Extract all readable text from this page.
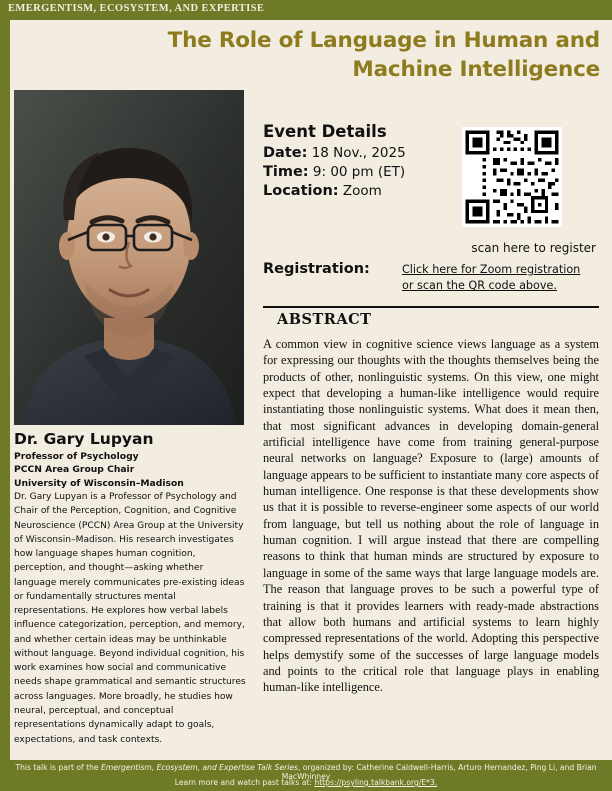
EMERGENTISM, ECOSYSTEM, AND EXPERTISE
The Role of Language in Human and Machine Intelligence
Dr. Gary Lupyan
Professor of Psychology
PCCN Area Group Chair
University of Wisconsin–Madison
Dr. Gary Lupyan is a Professor of Psychology and Chair of the Perception, Cognition, and Cognitive Neuroscience (PCCN) Area Group at the University of Wisconsin–Madison. His research investigates how language shapes human cognition, perception, and thought—asking whether language merely communicates pre-existing ideas or fundamentally structures mental representations. He explores how verbal labels influence categorization, perception, and memory, and whether certain ideas may be unthinkable without language. Beyond individual cognition, his work examines how social and communicative needs shape grammatical and semantic structures across languages. More broadly, he studies how neural, perceptual, and conceptual representations dynamically adapt to goals, expectations, and task contexts.
Event Details
Date: 18 Nov., 2025
Time: 9: 00 pm (ET)
Location: Zoom
scan here to register
Registration:	Click here for Zoom registration
or scan the QR code above.
ABSTRACT
A common view in cognitive science views language as a system for expressing our thoughts with the thoughts themselves being the products of other, nonlinguistic systems. On this view, one might expect that developing a human-like intelligence would require instantiating those nonlinguistic systems. What does it mean then, that most significant advances in developing domain-general artificial intelligence have come from training general-purpose neural networks on language? Exposure to (large) amounts of language appears to be sufficient to instantiate many core aspects of human intelligence. One response is that these developments show us that it is possible to reverse-engineer some aspects of our world from language, but tell us nothing about the role of language in human cognition. I will argue instead that there are compelling reasons to think that human minds are structured by exposure to language in some of the same ways that large language models are. The reason that language proves to be such a powerful type of training is that it provides learners with ready-made abstractions that allow both humans and artificial systems to learn highly compressed representations of the world. Adopting this perspective helps demystify some of the successes of large language models and points to the critical role that language plays in enabling human-like intelligence.
This talk is part of the Emergentism, Ecosystem, and Expertise Talk Series, organized by: Catherine Caldwell-Harris, Arturo Hernandez, Ping Li, and Brian MacWhinney
Learn more and watch past talks at: https://psyling.talkbank.org/E*3.
